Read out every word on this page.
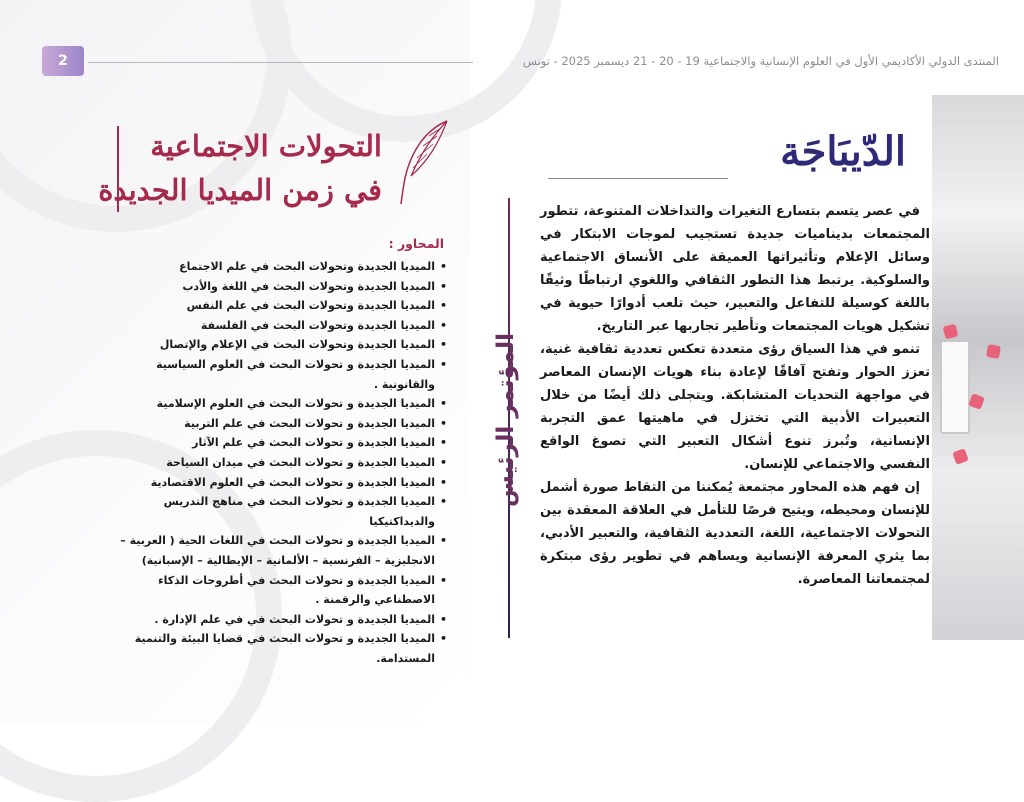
2	المنتدى الدولي الأكاديمي الأول في العلوم الإنسانية والاجتماعية 19 - 20 - 21 ديسمبر 2025 - تونس
التحولات الاجتماعية
في زمن الميديا الجديدة
المحاور :
• الميديا الجديدة وتحولات البحث في علم الاجتماع
• الميديا الجديدة وتحولات البحث في اللغة والأدب
• الميديا الجديدة وتحولات البحث في علم النفس
• الميديا الجديدة وتحولات البحث في الفلسفة
• الميديا الجديدة وتحولات البحث في الإعلام والإتصال
• الميديا الجديدة و تحولات البحث في العلوم السياسية والقانونية .
• الميديا الجديدة و تحولات البحث في العلوم الإسلامية
• الميديا الجديدة و تحولات البحث في علم التربية
• الميديا الجديدة و تحولات البحث في علم الآثار
• الميديا الجديدة و تحولات البحث في ميدان السياحة
• الميديا الجديدة و تحولات البحث في العلوم الاقتصادية
• الميديا الجديدة و تحولات البحث في مناهج التدريس والديداكتيكيا
• الميديا الجديدة و تحولات البحث في اللغات الحية ( العربية – الانجليزية – الفرنسية – الألمانية – الإيطالية – الإسبانية)
• الميديا الجديدة و تحولات البحث في أطروحات الذكاء الاصطناعي والرقمنة .
• الميديا الجديدة و تحولات البحث في في علم الإدارة .
• الميديا الجديدة و تحولات البحث في قضايا البيئة والتنمية المستدامة.
المؤتمر الرئيس
الدّيبَاجَة

في عصر يتسم بتسارع التغيرات والتداخلات المتنوعة، تتطور المجتمعات بديناميات جديدة تستجيب لموجات الابتكار في وسائل الإعلام وتأثيراتها العميقة على الأنساق الاجتماعية والسلوكية. يرتبط هذا التطور الثقافي واللغوي ارتباطًا وثيقًا باللغة كوسيلة للتفاعل والتعبير، حيث تلعب أدوارًا حيوية في تشكيل هويات المجتمعات وتأطير تجاربها عبر التاريخ.

تنمو في هذا السياق رؤى متعددة تعكس تعددية ثقافية غنية، تعزز الحوار وتفتح آفاقًا لإعادة بناء هويات الإنسان المعاصر في مواجهة التحديات المتشابكة. ويتجلى ذلك أيضًا من خلال التعبيرات الأدبية التي تختزل في ماهيتها عمق التجربة الإنسانية، وتُبرز تنوع أشكال التعبير التي تصوغ الواقع النفسي والاجتماعي للإنسان.

إن فهم هذه المحاور مجتمعة يُمكننا من التقاط صورة أشمل للإنسان ومحيطه، ويتيح فرصًا للتأمل في العلاقة المعقدة بين التحولات الاجتماعية، اللغة، التعددية الثقافية، والتعبير الأدبي، بما يثري المعرفة الإنسانية ويساهم في تطوير رؤى مبتكرة لمجتمعاتنا المعاصرة.
